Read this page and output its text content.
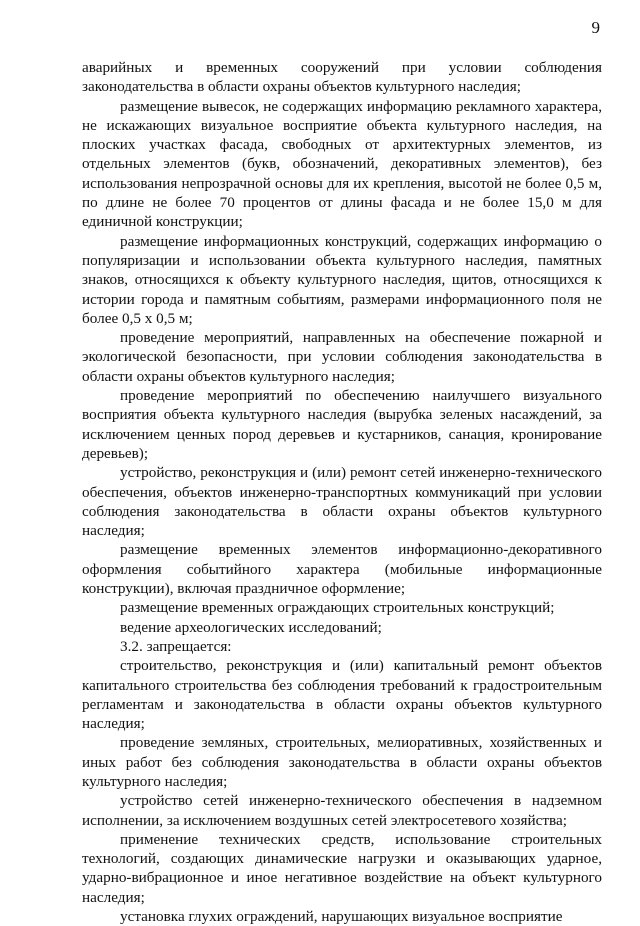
9

аварийных и временных сооружений при условии соблюдения законодательства в области охраны объектов культурного наследия;

размещение вывесок, не содержащих информацию рекламного характера, не искажающих визуальное восприятие объекта культурного наследия, на плоских участках фасада, свободных от архитектурных элементов, из отдельных элементов (букв, обозначений, декоративных элементов), без использования непрозрачной основы для их крепления, высотой не более 0,5 м, по длине не более 70 процентов от длины фасада и не более 15,0 м для единичной конструкции;

размещение информационных конструкций, содержащих информацию о популяризации и использовании объекта культурного наследия, памятных знаков, относящихся к объекту культурного наследия, щитов, относящихся к истории города и памятным событиям, размерами информационного поля не более 0,5 х 0,5 м;

проведение мероприятий, направленных на обеспечение пожарной и экологической безопасности, при условии соблюдения законодательства в области охраны объектов культурного наследия;

проведение мероприятий по обеспечению наилучшего визуального восприятия объекта культурного наследия (вырубка зеленых насаждений, за исключением ценных пород деревьев и кустарников, санация, кронирование деревьев);

устройство, реконструкция и (или) ремонт сетей инженерно-технического обеспечения, объектов инженерно-транспортных коммуникаций при условии соблюдения законодательства в области охраны объектов культурного наследия;

размещение временных элементов информационно-декоративного оформления событийного характера (мобильные информационные конструкции), включая праздничное оформление;

размещение временных ограждающих строительных конструкций;

ведение археологических исследований;

3.2. запрещается:

строительство, реконструкция и (или) капитальный ремонт объектов капитального строительства без соблюдения требований к градостроительным регламентам и законодательства в области охраны объектов культурного наследия;

проведение земляных, строительных, мелиоративных, хозяйственных и иных работ без соблюдения законодательства в области охраны объектов культурного наследия;

устройство сетей инженерно-технического обеспечения в надземном исполнении, за исключением воздушных сетей электросетевого хозяйства;

применение технических средств, использование строительных технологий, создающих динамические нагрузки и оказывающих ударное, ударно-вибрационное и иное негативное воздействие на объект культурного наследия;

установка глухих ограждений, нарушающих визуальное восприятие
